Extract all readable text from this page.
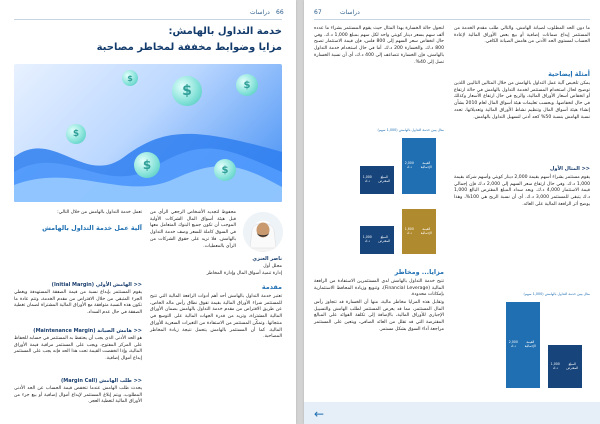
دراسات 66
خدمة التداول بالهامش:
مزايا وضوابط مخففة لمخاطر مصاحبة
$	$
$
$
$	$
محفوظ لتجديد الأشخاص الرجعي الرأي من قبل هيئة أسواق المال الشركات الأولية الموجب أن تكون جميع البنوك المتعامل معها في السوق كاملة للسعر وصف خدمة التداول بالهامش. فلا تزيد على حقوق الشركات من الرأي بالمعطيات.
تعمل خدمة التداول بالهامش من خلال التالي:
ناصر العنزي
محلل أول
إدارة تنمية أسواق المال وإدارة المخاطر
مقدمة
تعتبر خدمة التداول بالهامش أحد أهم أدوات الرافعة المالية التي تتيح للمستثمر شراء الأوراق المالية بقيمة تفوق نطاق رأس ماله الخاص، عن طريق الاقتراض من مقدم خدمة التداول بالهامش بضمان الأوراق المالية المشتراة، وتزيد من قدرة الجهات المالية على التوسع في منتجاتها. وتمكّن المستثمر من الاستفادة من التغيرات السعرية للأوراق المالية. كما أن المستثمر بالهامش يتحمل نتيجة زيادة المخاطر المصاحبة.
آلية عمل خدمة التداول بالهامش
<< الهامش الأولي (Initial Margin)
يقوم المستثمر بإيداع نسبة من قيمة الصفقة المستهدفة ويغطي الجزء المتبقي من خلال الاقتراض من مقدم الخدمة، وتتم عادة ما تكون هذه النسبة متوافقة مع الأوراق المالية المشتراة لضمان تغطية الصفقة في حال عدم السداد.
<< هامش الصيانة (Maintenance Margin)
هو الحد الأدنى الذي يجب أن يحتفظ به المستثمر في حسابه للحفاظ على المركز المفتوح، ويجب على المستثمر مراقبة قيمة الأوراق المالية، وإذا انخفضت القيمة تحت هذا الحد فإنه يجب على المستثمر إيداع أموال إضافية.
<< طلب الهامش (Margin Call)
يحدث طلب الهامش عندما تنخفض قيمة الحساب عن الحد الأدنى المطلوب، ويتم إبلاغ المستثمر لإيداع أموال إضافية أو بيع جزء من الأوراق المالية لتغطية العجز.
دراسات
67
ما دون الحد المطلوب لصيانة الهامش، والتالي طلب مقدم الخدمة من المستثمر إيداع ضمانات إضافية أو بيع بعض الأوراق المالية لإعادة الحساب لمستوى الحد الأدنى من هامش الصيانة الكافي.
أمثلة إيضاحية
يمكن تلخيص آلية عمل التداول بالهامش من خلال المثالين التاليين اللذين توضيح لحال استخدام المستثمر لخدمة التداول بالهامش في حالة ارتفاع أو انخفاض أسعار الأوراق المالية، والربح في حال ارتفاع الأسعار وكذلك في حال انخفاضها. وبحسب تعليمات هيئة أسواق المال لعام 2010 بشأن إنشاء هيئة أسواق المال وتنظيم نشاط الأوراق المالية وتعديلاتها، تحدد نسبة الهامش بنسبة 50% كحد أدنى لتسهيل التداول بالهامش.
<< المثال الأول
يقوم مستثمر بشراء أسهم بقيمة 2,000 دينار كويتي وأسهم شركة بقيمة 1,000 د.ك. وفي حال ارتفاع سعر السهم إلى 2,000 د.ك فإن إجمالي قيمة الاستثمار 4,000 د.ك. وبعد سداد المبلغ المقترض البالغ 1,000 د.ك يتبقى للمستثمر 3,000 د.ك. أي أن نسبة الربح هي 100%، وهذا يوضح أثر الرافعة المالية على العائد.
مثال يبين خدمة التداول بالهامش (1,000 سهم)
1,000 د.ك

المبلغ المقترض
2,000 د.ك

القيمة الإجمالية
لنحول حالة الخسارة بهذا المثال حيث يقوم المستثمر بشراء ما عدده ألف سهم بسعر دينار كويتي واحد لكل سهم بمبلغ 1,000 د.ك. وفي حال انخفاض سعر السهم إلى 800 فلس، فإن قيمة الاستثمار تصبح 800 د.ك. والخسارة 200 د.ك. أما في حال استخدام خدمة التداول بالهامش، فإن الخسارة تتضاعف إلى 400 د.ك، أي أن نسبة الخسارة تصل إلى 40%.
مثال يبين خدمة التداول بالهامش (1,000 سهم)
2,000 د.ك

القيمة الإجمالية
1,000 د.ك

المبلغ المقترض
1,600 د.ك

القيمة الإجمالية
1,000 د.ك

المبلغ المقترض
مزايا... ومخاطر
تتيح خدمة التداول بالهامش لدى المستثمرين الاستفادة من الرافعة المالية (Financial Leverage)، وتنويع وزيادة المحافظ الاستثمارية بإمكانات محدودة.
وتقابل هذه المزايا مخاطر مالية، منها أن الخسارة قد تتجاوز رأس المال المستثمر، مما قد يعرض المستثمر لطلب الهامش والتسييل الإجباري للأوراق المالية، بالإضافة إلى تكلفة الفوائد على المبالغ المقترضة التي قد تقلل من العائد الصافي، ويتعين على المستثمر مراجعة أداء السوق بشكل مستمر.
←
